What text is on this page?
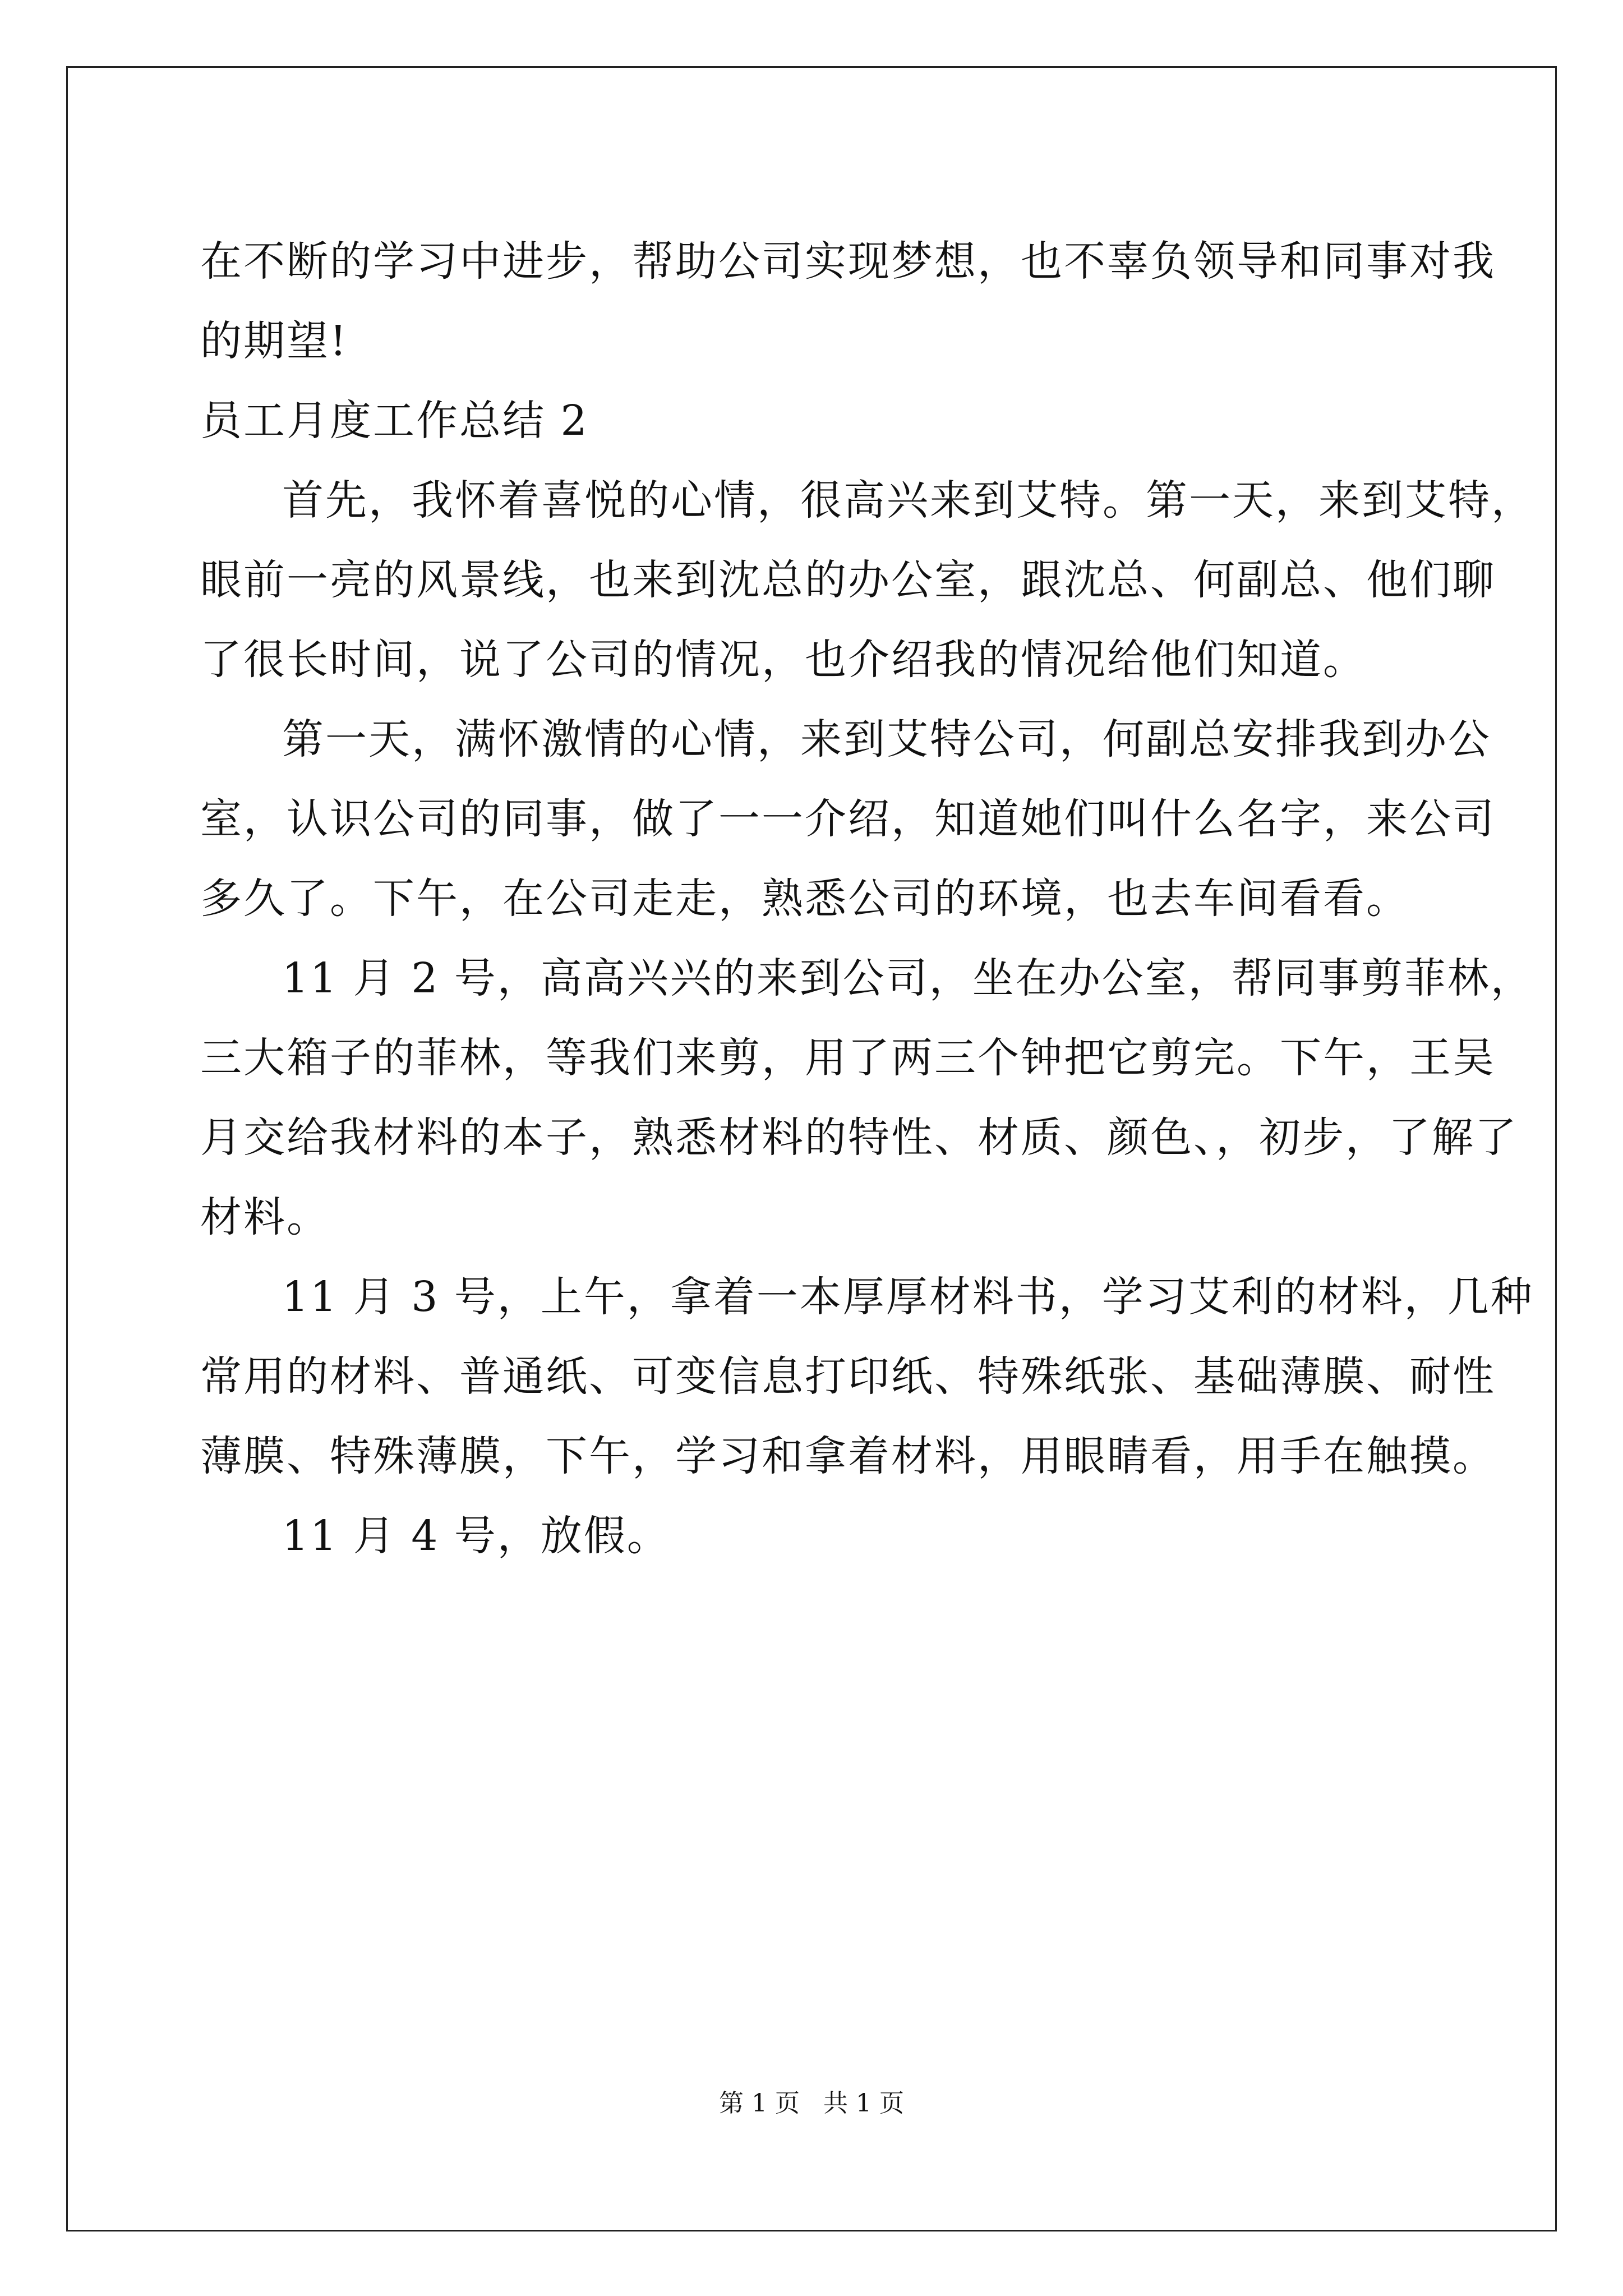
在不断的学习中进步，帮助公司实现梦想，也不辜负领导和同事对我
的期望!
员工月度工作总结 2
首先，我怀着喜悦的心情，很高兴来到艾特。第一天，来到艾特，
眼前一亮的风景线，也来到沈总的办公室，跟沈总、何副总、他们聊
了很长时间，说了公司的情况，也介绍我的情况给他们知道。
第一天，满怀激情的心情，来到艾特公司，何副总安排我到办公
室，认识公司的同事，做了一一介绍，知道她们叫什么名字，来公司
多久了。下午，在公司走走，熟悉公司的环境，也去车间看看。
11 月 2 号，高高兴兴的来到公司，坐在办公室，帮同事剪菲林，
三大箱子的菲林，等我们来剪，用了两三个钟把它剪完。下午，王吴
月交给我材料的本子，熟悉材料的特性、材质、颜色、，初步，了解了
材料。
11 月 3 号，上午，拿着一本厚厚材料书，学习艾利的材料，几种
常用的材料、普通纸、可变信息打印纸、特殊纸张、基础薄膜、耐性
薄膜、特殊薄膜，下午，学习和拿着材料，用眼睛看，用手在触摸。
11 月 4 号，放假。
第 1 页 共 1 页
